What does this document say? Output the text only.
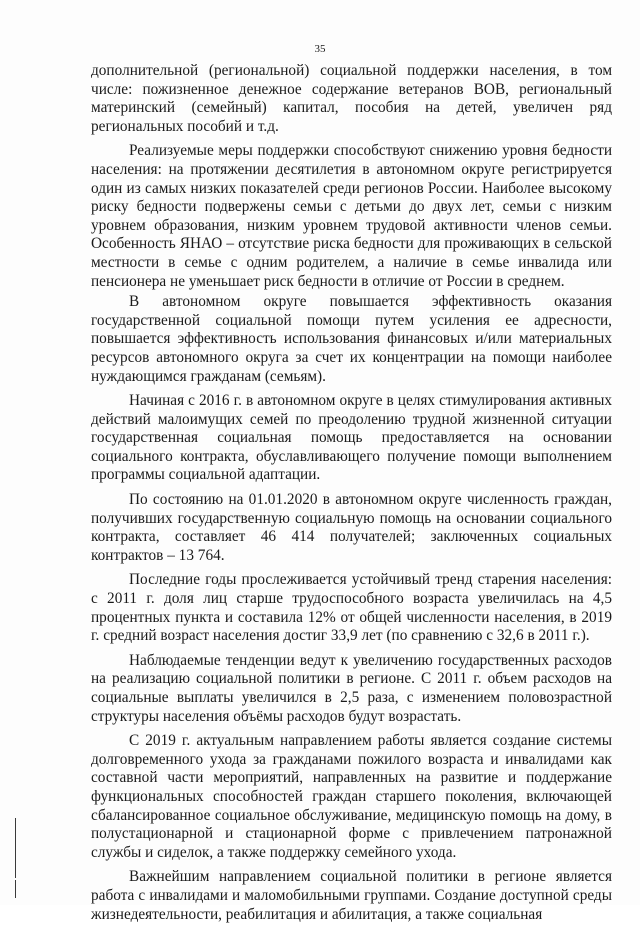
35

дополнительной (региональной) социальной поддержки населения, в том числе: пожизненное денежное содержание ветеранов ВОВ, региональный материнский (семейный) капитал, пособия на детей, увеличен ряд региональных пособий и т.д.

Реализуемые меры поддержки способствуют снижению уровня бедности населения: на протяжении десятилетия в автономном округе регистрируется один из самых низких показателей среди регионов России. Наиболее высокому риску бедности подвержены семьи с детьми до двух лет, семьи с низким уровнем образования, низким уровнем трудовой активности членов семьи. Особенность ЯНАО – отсутствие риска бедности для проживающих в сельской местности в семье с одним родителем, а наличие в семье инвалида или пенсионера не уменьшает риск бедности в отличие от России в среднем.

В автономном округе повышается эффективность оказания государственной социальной помощи путем усиления ее адресности, повышается эффективность использования финансовых и/или материальных ресурсов автономного округа за счет их концентрации на помощи наиболее нуждающимся гражданам (семьям).

Начиная с 2016 г. в автономном округе в целях стимулирования активных действий малоимущих семей по преодолению трудной жизненной ситуации государственная социальная помощь предоставляется на основании социального контракта, обуславливающего получение помощи выполнением программы социальной адаптации.

По состоянию на 01.01.2020 в автономном округе численность граждан, получивших государственную социальную помощь на основании социального контракта, составляет 46 414 получателей; заключенных социальных контрактов – 13 764.

Последние годы прослеживается устойчивый тренд старения населения: с 2011 г. доля лиц старше трудоспособного возраста увеличилась на 4,5 процентных пункта и составила 12% от общей численности населения, в 2019 г. средний возраст населения достиг 33,9 лет (по сравнению с 32,6 в 2011 г.).

Наблюдаемые тенденции ведут к увеличению государственных расходов на реализацию социальной политики в регионе. С 2011 г. объем расходов на социальные выплаты увеличился в 2,5 раза, с изменением половозрастной структуры населения объёмы расходов будут возрастать.

С 2019 г. актуальным направлением работы является создание системы долговременного ухода за гражданами пожилого возраста и инвалидами как составной части мероприятий, направленных на развитие и поддержание функциональных способностей граждан старшего поколения, включающей сбалансированное социальное обслуживание, медицинскую помощь на дому, в полустационарной и стационарной форме с привлечением патронажной службы и сиделок, а также поддержку семейного ухода.

Важнейшим направлением социальной политики в регионе является работа с инвалидами и маломобильными группами. Создание доступной среды жизнедеятельности, реабилитация и абилитация, а также социальная
